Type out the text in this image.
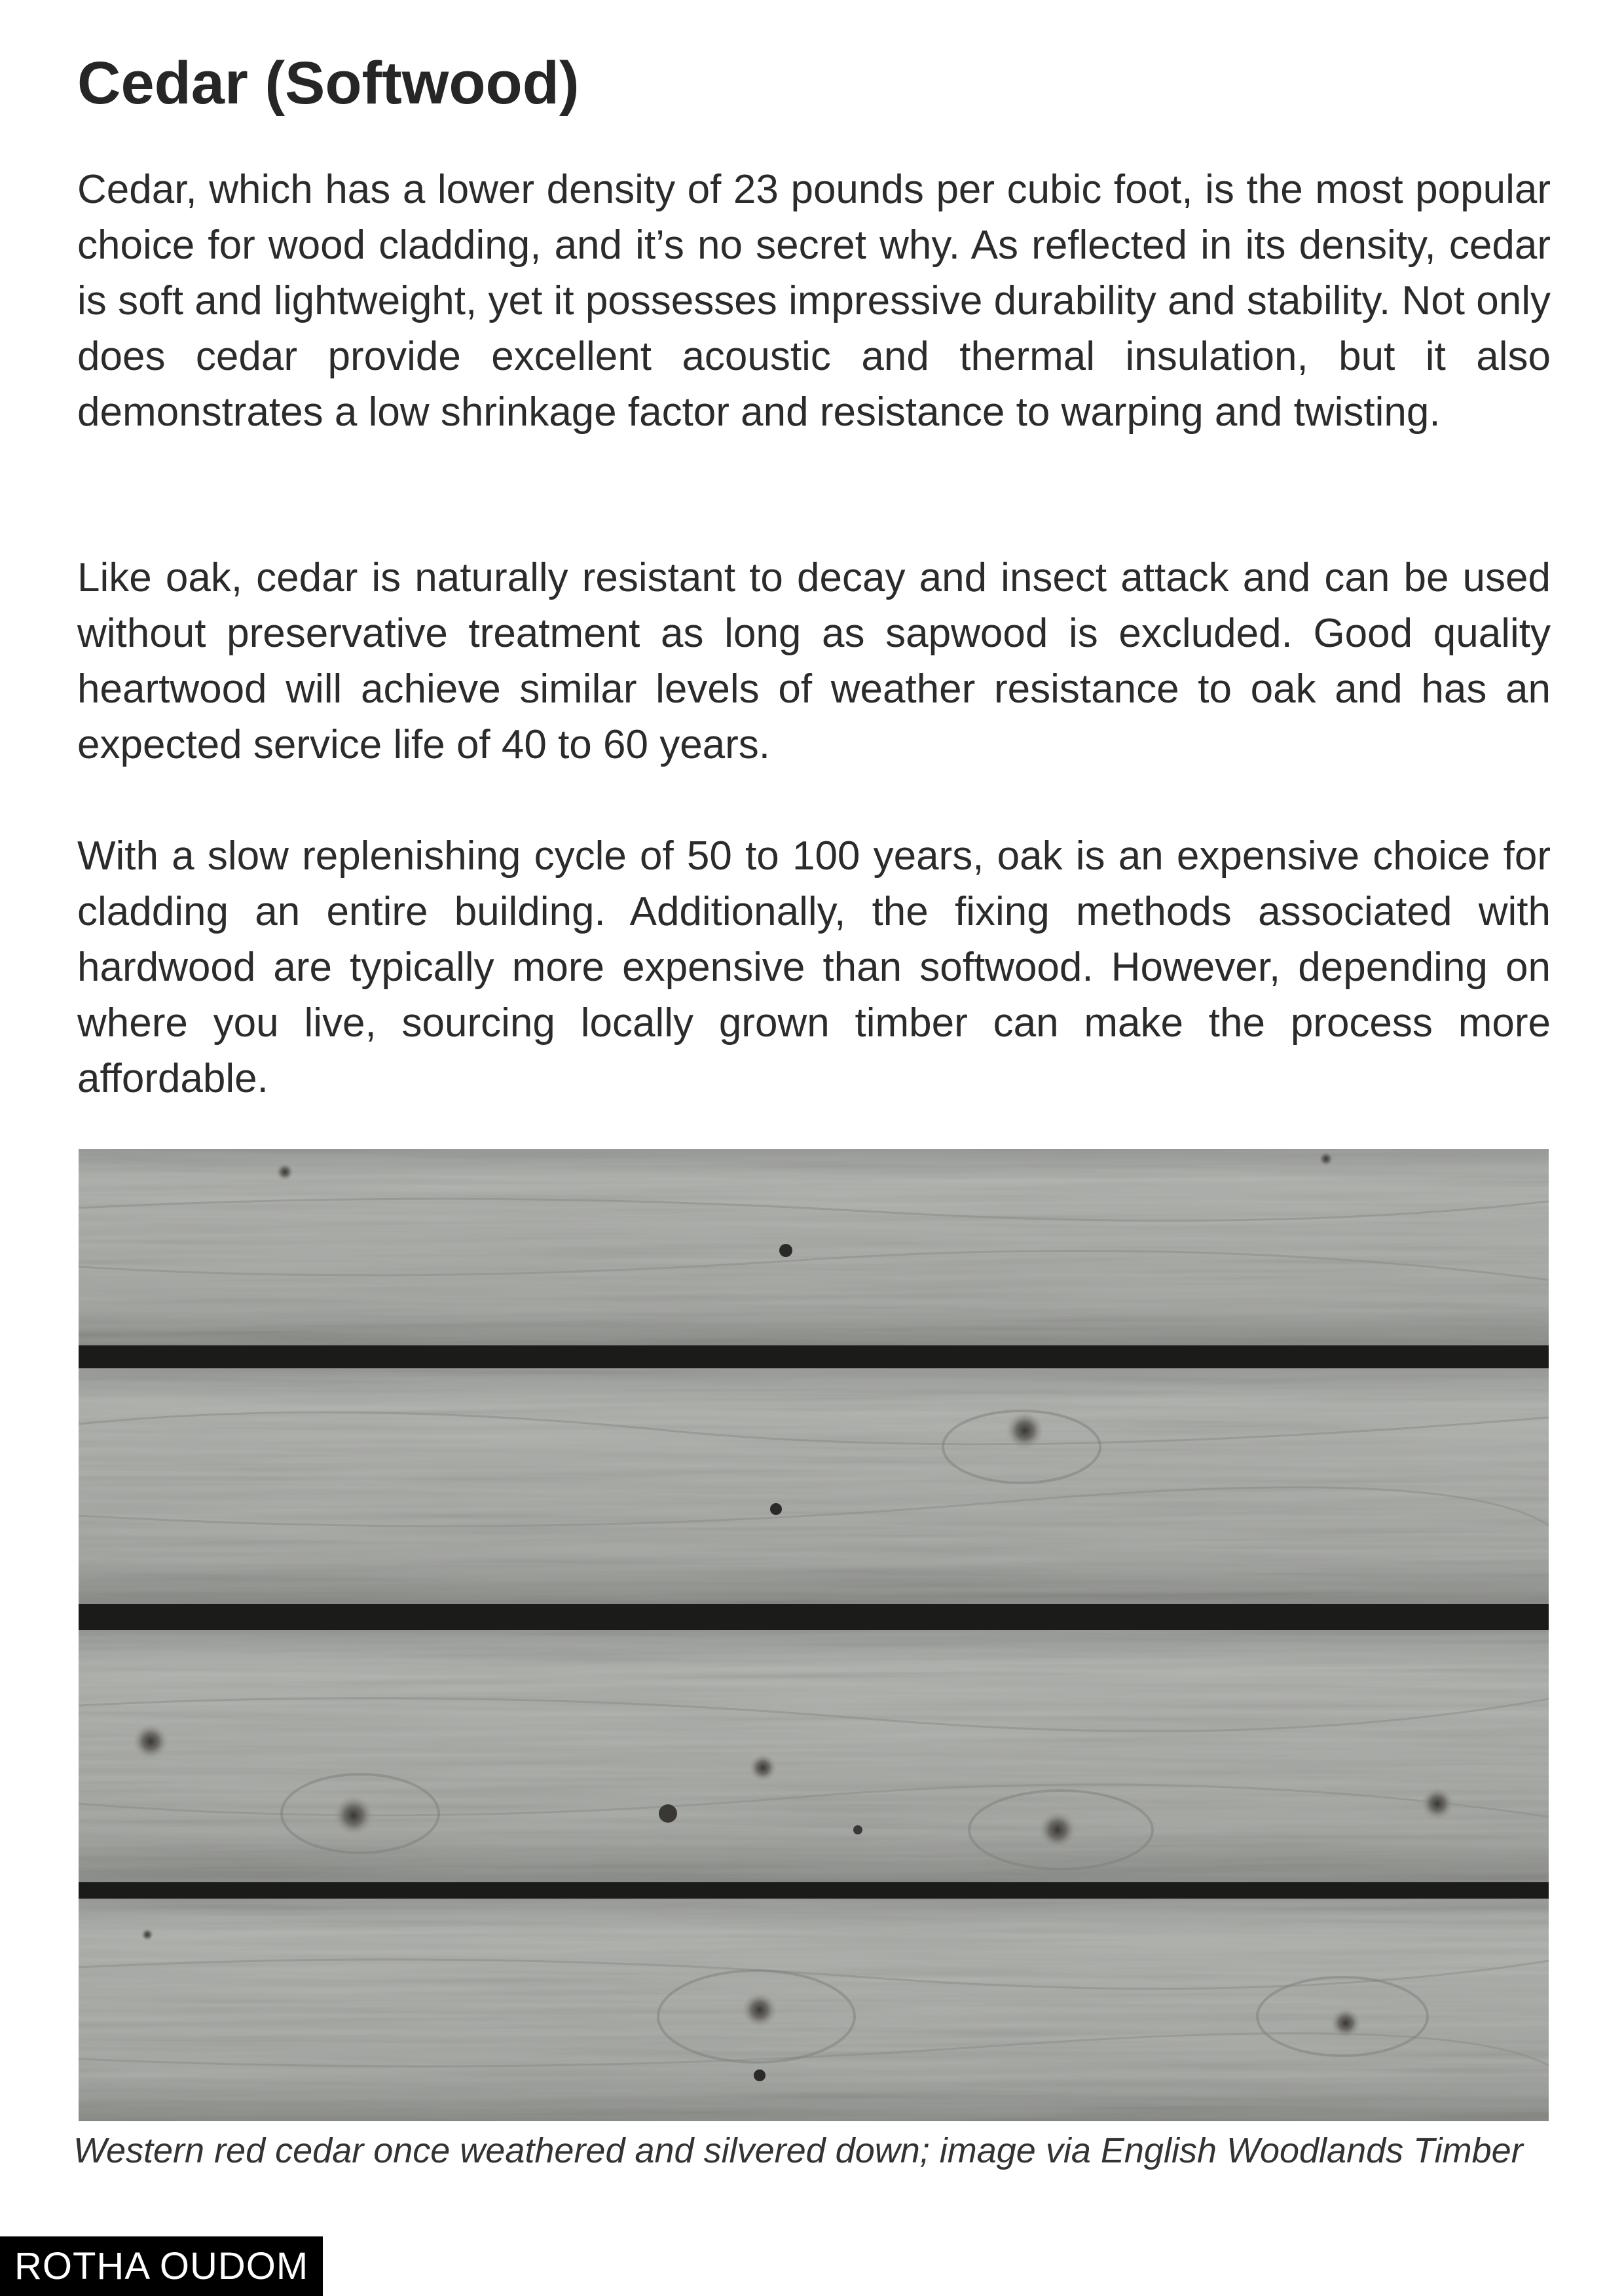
Cedar (Softwood)

Cedar, which has a lower density of 23 pounds per cubic foot, is the most popular choice for wood cladding, and it’s no secret why. As reflected in its density, cedar is soft and lightweight, yet it possesses impressive durability and stability. Not only does cedar provide excellent acoustic and thermal insulation, but it also demonstrates a low shrinkage factor and resistance to warping and twisting.

Like oak, cedar is naturally resistant to decay and insect attack and can be used without preservative treatment as long as sapwood is excluded. Good quality heartwood will achieve similar levels of weather resistance to oak and has an expected service life of 40 to 60 years.

With a slow replenishing cycle of 50 to 100 years, oak is an expensive choice for cladding an entire building. Additionally, the fixing methods associated with hardwood are typically more expensive than softwood. However, depending on where you live, sourcing locally grown timber can make the process more affordable.

Western red cedar once weathered and silvered down; image via English Woodlands Timber

ROTHA OUDOM
